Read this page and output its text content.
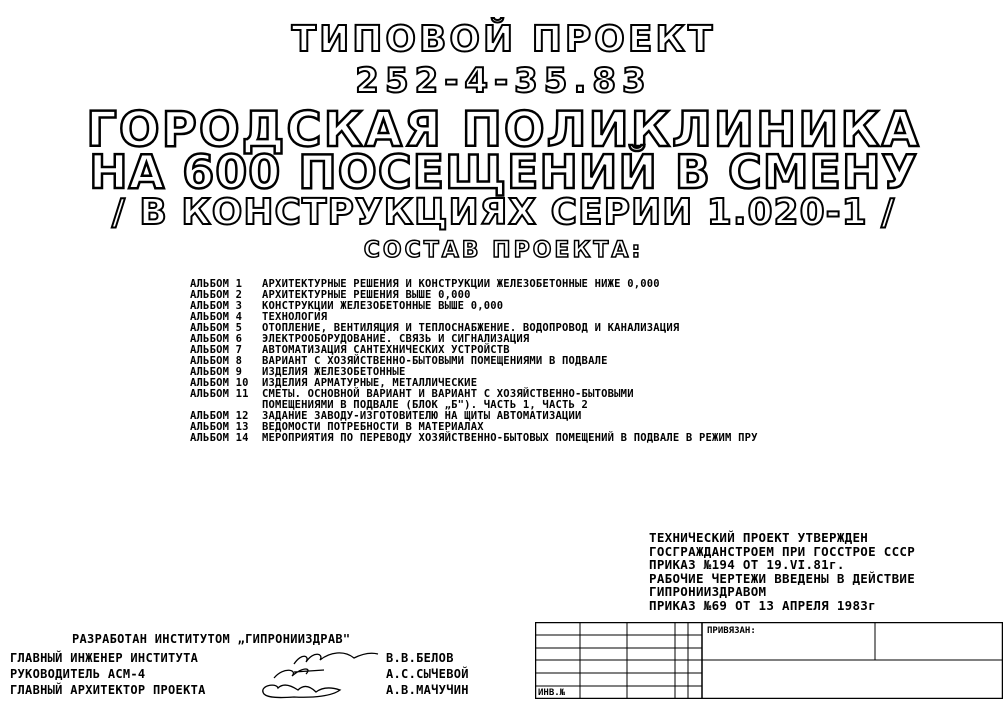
ТИПОВОЙ ПРОЕКТ
252-4-35.83
ГОРОДСКАЯ ПОЛИКЛИНИКА
НА 600 ПОСЕЩЕНИЙ В СМЕНУ
/ В КОНСТРУКЦИЯХ СЕРИИ 1.020-1 /
СОСТАВ ПРОЕКТА:
АЛЬБОМ 1	АРХИТЕКТУРНЫЕ РЕШЕНИЯ И КОНСТРУКЦИИ ЖЕЛЕЗОБЕТОННЫЕ НИЖЕ 0,000
АЛЬБОМ 2	АРХИТЕКТУРНЫЕ РЕШЕНИЯ ВЫШЕ 0,000
АЛЬБОМ 3	КОНСТРУКЦИИ ЖЕЛЕЗОБЕТОННЫЕ ВЫШЕ 0,000
АЛЬБОМ 4	ТЕХНОЛОГИЯ
АЛЬБОМ 5	ОТОПЛЕНИЕ, ВЕНТИЛЯЦИЯ И ТЕПЛОСНАБЖЕНИЕ. ВОДОПРОВОД И КАНАЛИЗАЦИЯ
АЛЬБОМ 6	ЭЛЕКТРООБОРУДОВАНИЕ. СВЯЗЬ И СИГНАЛИЗАЦИЯ
АЛЬБОМ 7	АВТОМАТИЗАЦИЯ САНТЕХНИЧЕСКИХ УСТРОЙСТВ
АЛЬБОМ 8	ВАРИАНТ С ХОЗЯЙСТВЕННО-БЫТОВЫМИ ПОМЕЩЕНИЯМИ В ПОДВАЛЕ
АЛЬБОМ 9	ИЗДЕЛИЯ ЖЕЛЕЗОБЕТОННЫЕ
АЛЬБОМ 10	ИЗДЕЛИЯ АРМАТУРНЫЕ, МЕТАЛЛИЧЕСКИЕ
АЛЬБОМ 11	СМЕТЫ. ОСНОВНОЙ ВАРИАНТ И ВАРИАНТ С ХОЗЯЙСТВЕННО-БЫТОВЫМИ
ПОМЕЩЕНИЯМИ В ПОДВАЛЕ (БЛОК „Б"). ЧАСТЬ 1, ЧАСТЬ 2
АЛЬБОМ 12	ЗАДАНИЕ ЗАВОДУ-ИЗГОТОВИТЕЛЮ НА ЩИТЫ АВТОМАТИЗАЦИИ
АЛЬБОМ 13	ВЕДОМОСТИ ПОТРЕБНОСТИ В МАТЕРИАЛАХ
АЛЬБОМ 14	МЕРОПРИЯТИЯ ПО ПЕРЕВОДУ ХОЗЯЙСТВЕННО-БЫТОВЫХ ПОМЕЩЕНИЙ В ПОДВАЛЕ В РЕЖИМ ПРУ
ТЕХНИЧЕСКИЙ ПРОЕКТ УТВЕРЖДЕН
ГОСГРАЖДАНСТРОЕМ ПРИ ГОССТРОЕ СССР
ПРИКАЗ №194 ОТ 19.VI.81г.
РАБОЧИЕ ЧЕРТЕЖИ ВВЕДЕНЫ В ДЕЙСТВИЕ
ГИПРОНИИЗДРАВОМ
ПРИКАЗ №69 ОТ 13 АПРЕЛЯ 1983г
РАЗРАБОТАН ИНСТИТУТОМ „ГИПРОНИИЗДРАВ"
ГЛАВНЫЙ ИНЖЕНЕР ИНСТИТУТА	В.В.БЕЛОВ
РУКОВОДИТЕЛЬ АСМ-4	А.С.СЫЧЕВОЙ
ГЛАВНЫЙ АРХИТЕКТОР ПРОЕКТА	А.В.МАЧУЧИН
ПРИВЯЗАН:
ИНВ.№
